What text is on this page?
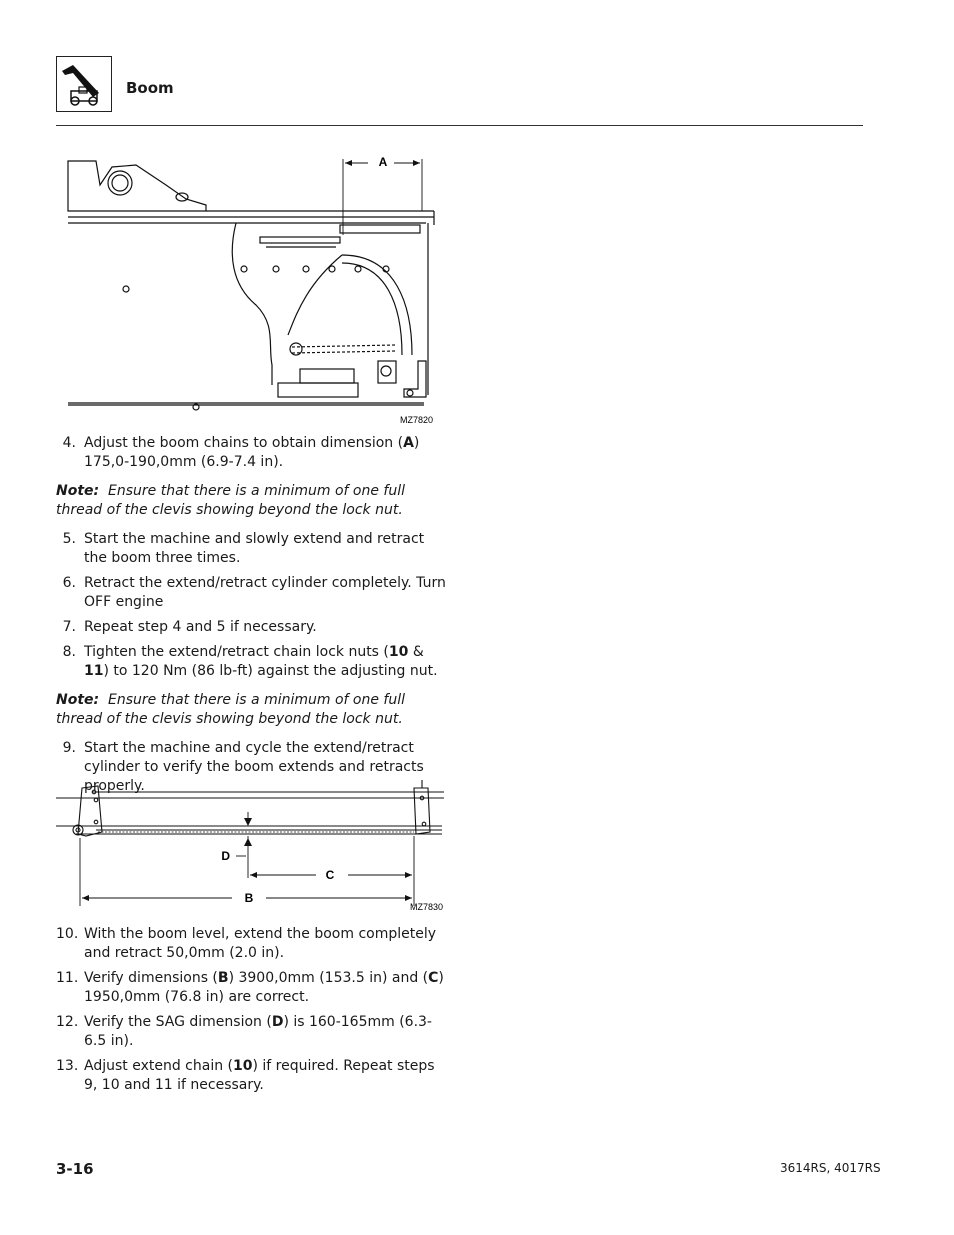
Boom
A
MZ7820
4. Adjust the boom chains to obtain dimension (A) 175,0-190,0mm (6.9-7.4 in).
Note: Ensure that there is a minimum of one full thread of the clevis showing beyond the lock nut.
5. Start the machine and slowly extend and retract the boom three times.
6. Retract the extend/retract cylinder completely. Turn OFF engine
7. Repeat step 4 and 5 if necessary.
8. Tighten the extend/retract chain lock nuts (10 & 11) to 120 Nm (86 lb-ft) against the adjusting nut.
Note: Ensure that there is a minimum of one full thread of the clevis showing beyond the lock nut.
9. Start the machine and cycle the extend/retract cylinder to verify the boom extends and retracts properly.
D
C
B
MZ7830
10. With the boom level, extend the boom completely and retract 50,0mm (2.0 in).
11. Verify dimensions (B) 3900,0mm (153.5 in) and (C) 1950,0mm (76.8 in) are correct.
12. Verify the SAG dimension (D) is 160-165mm (6.3-6.5 in).
13. Adjust extend chain (10) if required. Repeat steps 9, 10 and 11 if necessary.
3-16	3614RS, 4017RS
